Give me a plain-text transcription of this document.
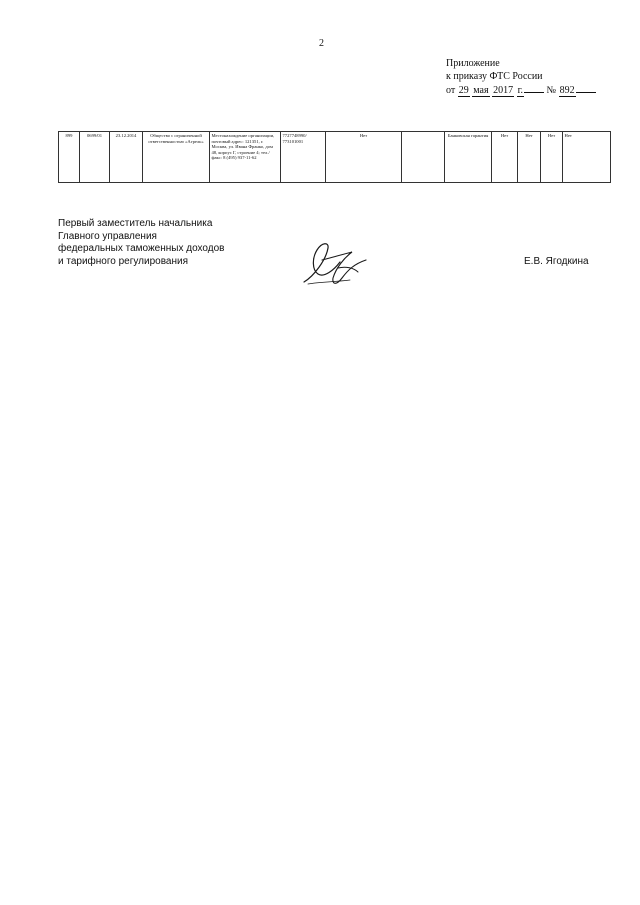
2
Приложение
к приказу ФТС России
от 29 мая 2017 г. № 892
899	0699/01	23.12.2014	Общество с ограниченной ответственностью «Агрель»	Местонахождение организации, почтовый адрес: 121351, г. Москва, ул. Ивана Франко, дом 48, корпус Г, строение 4; тел./факс: 8 (495) 937-11-62	7727748990/ 773101001	Нет		Банковская гарантия	Нет	Нет	Нет	Нет
Первый заместитель начальника
Главного управления
федеральных таможенных доходов
и тарифного регулирования	Е.В. Ягодкина
